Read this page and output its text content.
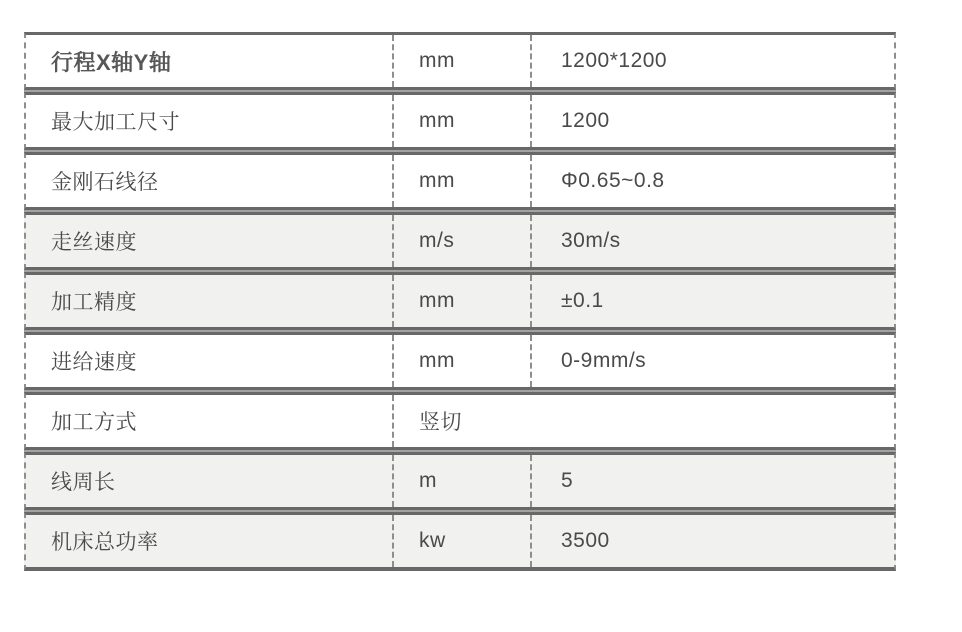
行程X轴Y轴	mm	1200*1200
最大加工尺寸	mm	1200
金刚石线径	mm	Φ0.65~0.8
走丝速度	m/s	30m/s
加工精度	mm	±0.1
进给速度	mm	0-9mm/s
加工方式	竖切
线周长	m	5
机床总功率	kw	3500
